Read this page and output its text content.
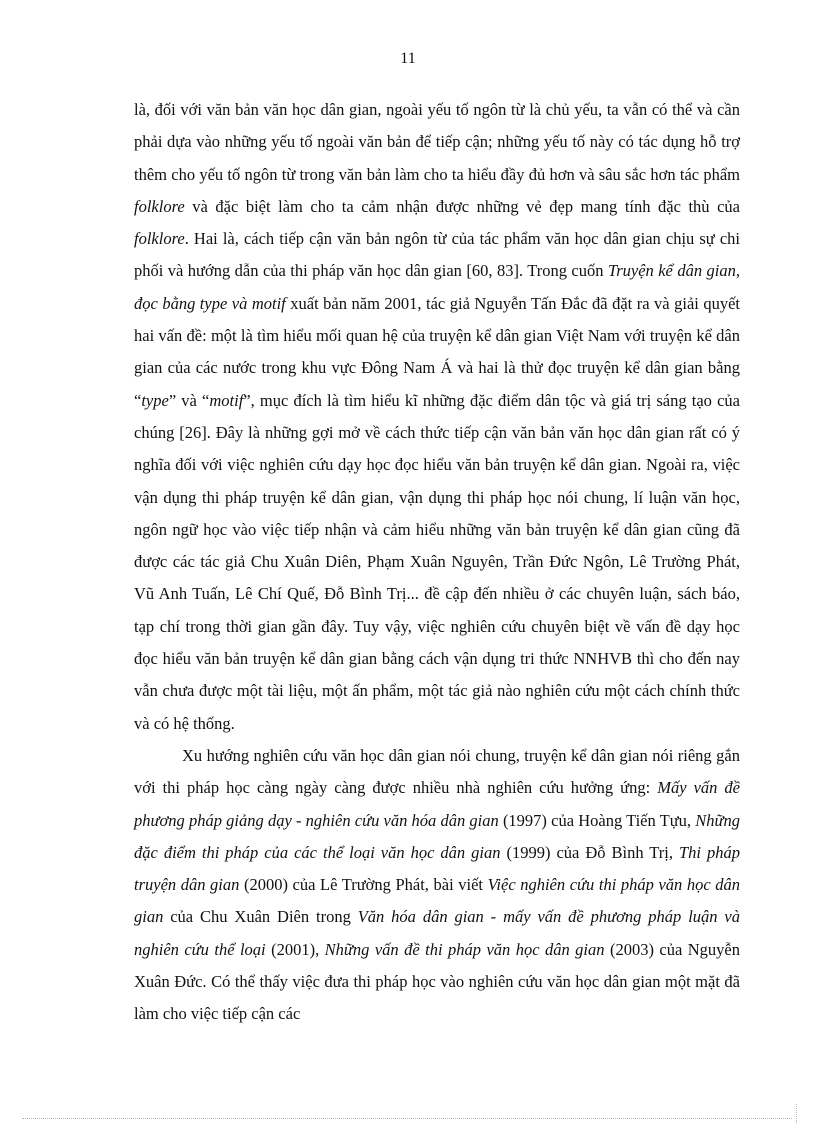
11

là, đối với văn bản văn học dân gian, ngoài yếu tố ngôn từ là chủ yếu, ta vẫn có thể và cần phải dựa vào những yếu tố ngoài văn bản để tiếp cận; những yếu tố này có tác dụng hỗ trợ thêm cho yếu tố ngôn từ trong văn bản làm cho ta hiểu đầy đủ hơn và sâu sắc hơn tác phẩm folklore và đặc biệt làm cho ta cảm nhận được những vẻ đẹp mang tính đặc thù của folklore. Hai là, cách tiếp cận văn bản ngôn từ của tác phẩm văn học dân gian chịu sự chi phối và hướng dẫn của thi pháp văn học dân gian [60, 83]. Trong cuốn Truyện kể dân gian, đọc bằng type và motif xuất bản năm 2001, tác giả Nguyễn Tấn Đắc đã đặt ra và giải quyết hai vấn đề: một là tìm hiểu mối quan hệ của truyện kể dân gian Việt Nam với truyện kể dân gian của các nước trong khu vực Đông Nam Á và hai là thử đọc truyện kể dân gian bằng “type” và “motif”, mục đích là tìm hiểu kĩ những đặc điểm dân tộc và giá trị sáng tạo của chúng [26]. Đây là những gợi mở về cách thức tiếp cận văn bản văn học dân gian rất có ý nghĩa đối với việc nghiên cứu dạy học đọc hiểu văn bản truyện kể dân gian. Ngoài ra, việc vận dụng thi pháp truyện kể dân gian, vận dụng thi pháp học nói chung, lí luận văn học, ngôn ngữ học vào việc tiếp nhận và cảm hiểu những văn bản truyện kể dân gian cũng đã được các tác giả Chu Xuân Diên, Phạm Xuân Nguyên, Trần Đức Ngôn, Lê Trường Phát, Vũ Anh Tuấn, Lê Chí Quế, Đỗ Bình Trị... đề cập đến nhiều ở các chuyên luận, sách báo, tạp chí trong thời gian gần đây. Tuy vậy, việc nghiên cứu chuyên biệt về vấn đề dạy học đọc hiểu văn bản truyện kể dân gian bằng cách vận dụng tri thức NNHVB thì cho đến nay vẫn chưa được một tài liệu, một ấn phẩm, một tác giả nào nghiên cứu một cách chính thức và có hệ thống.

Xu hướng nghiên cứu văn học dân gian nói chung, truyện kể dân gian nói riêng gắn với thi pháp học càng ngày càng được nhiều nhà nghiên cứu hưởng ứng: Mấy vấn đề phương pháp giảng dạy - nghiên cứu văn hóa dân gian (1997) của Hoàng Tiến Tựu, Những đặc điểm thi pháp của các thể loại văn học dân gian (1999) của Đỗ Bình Trị, Thi pháp truyện dân gian (2000) của Lê Trường Phát, bài viết Việc nghiên cứu thi pháp văn học dân gian của Chu Xuân Diên trong Văn hóa dân gian - mấy vấn đề phương pháp luận và nghiên cứu thể loại (2001), Những vấn đề thi pháp văn học dân gian (2003) của Nguyễn Xuân Đức. Có thể thấy việc đưa thi pháp học vào nghiên cứu văn học dân gian một mặt đã làm cho việc tiếp cận các
